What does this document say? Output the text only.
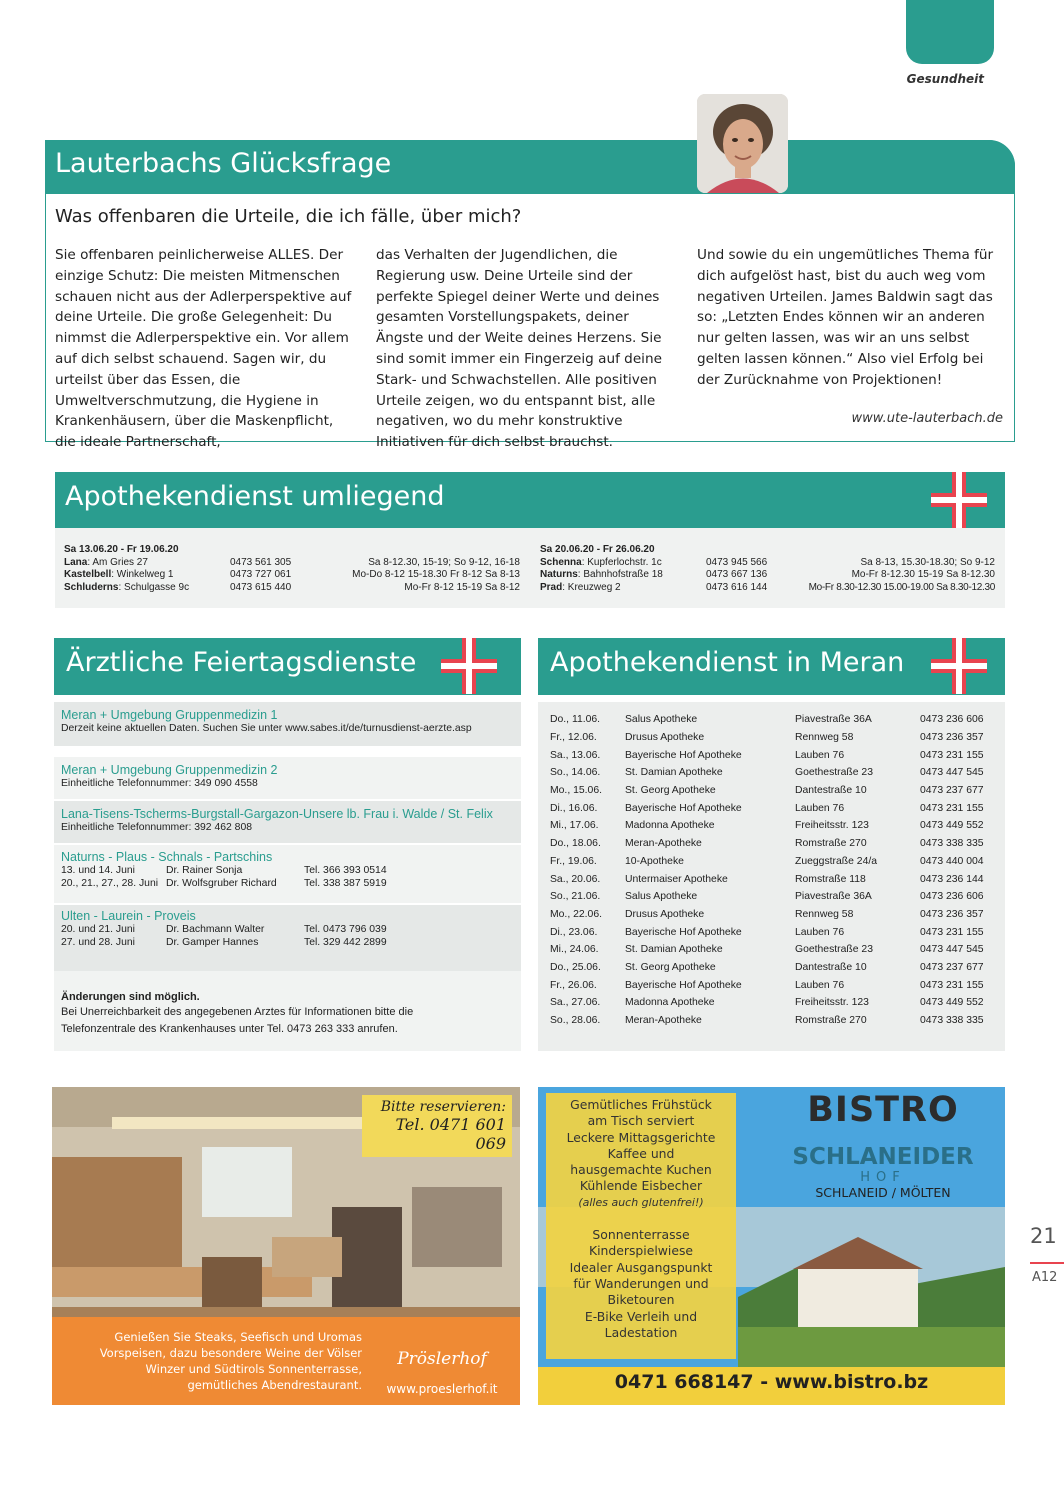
Gesundheit
Lauterbachs Glücksfrage
Was offenbaren die Urteile, die ich fälle, über mich?
Sie offenbaren peinlicherweise ALLES. Der einzige Schutz: Die meisten Mitmenschen schauen nicht aus der Adlerperspektive auf deine Urteile. Die große Gelegenheit: Du nimmst die Adlerperspektive ein. Vor allem auf dich selbst schauend. Sagen wir, du urteilst über das Essen, die Umweltverschmutzung, die Hygiene in Krankenhäusern, über die Maskenpflicht, die ideale Partnerschaft,
das Verhalten der Jugendlichen, die Regierung usw. Deine Urteile sind der perfekte Spiegel deiner Werte und deines gesamten Vorstellungspakets, deiner Ängste und der Weite deines Herzens. Sie sind somit immer ein Fingerzeig auf deine Stark- und Schwachstellen. Alle positiven Urteile zeigen, wo du entspannt bist, alle negativen, wo du mehr konstruktive Initiativen für dich selbst brauchst.
Und sowie du ein ungemütliches Thema für dich aufgelöst hast, bist du auch weg vom negativen Urteilen. James Baldwin sagt das so: „Letzten Endes können wir an anderen nur gelten lassen, was wir an uns selbst gelten lassen können.“ Also viel Erfolg bei der Zurücknahme von Projektionen!
www.ute-lauterbach.de
Apothekendienst umliegend
Sa 13.06.20 - Fr 19.06.20
Lana: Am Gries 27	0473 561 305	Sa 8-12.30, 15-19; So 9-12, 16-18
Kastelbell: Winkelweg 1	0473 727 061	Mo-Do 8-12 15-18.30 Fr 8-12 Sa 8-13
Schluderns: Schulgasse 9c	0473 615 440	Mo-Fr 8-12 15-19 Sa 8-12
Sa 20.06.20 - Fr 26.06.20
Schenna: Kupferlochstr. 1c	0473 945 566	Sa 8-13, 15.30-18.30; So 9-12
Naturns: Bahnhofstraße 18	0473 667 136	Mo-Fr 8-12.30 15-19 Sa 8-12.30
Prad: Kreuzweg 2	0473 616 144	Mo-Fr 8.30-12.30 15.00-19.00 Sa 8.30-12.30
Ärztliche Feiertagsdienste
Meran + Umgebung Gruppenmedizin 1
Derzeit keine aktuellen Daten. Suchen Sie unter www.sabes.it/de/turnusdienst-aerzte.asp
Meran + Umgebung Gruppenmedizin 2
Einheitliche Telefonnummer: 349 090 4558
Lana-Tisens-Tscherms-Burgstall-Gargazon-Unsere lb. Frau i. Walde / St. Felix
Einheitliche Telefonnummer: 392 462 808
Naturns - Plaus - Schnals - Partschins
13. und 14. Juni	Dr. Rainer Sonja	Tel. 366 393 0514
20., 21., 27., 28. Juni	Dr. Wolfsgruber Richard	Tel. 338 387 5919
Ulten - Laurein - Proveis
20. und 21. Juni	Dr. Bachmann Walter	Tel. 0473 796 039
27. und 28. Juni	Dr. Gamper Hannes	Tel. 329 442 2899
Änderungen sind möglich.
Bei Unerreichbarkeit des angegebenen Arztes für Informationen bitte die Telefonzentrale des Krankenhauses unter Tel. 0473 263 333 anrufen.
Apothekendienst in Meran
Do., 11.06.	Salus Apotheke	Piavestraße 36A	0473 236 606
Fr., 12.06.	Drusus Apotheke	Rennweg 58	0473 236 357
Sa., 13.06.	Bayerische Hof Apotheke	Lauben 76	0473 231 155
So., 14.06.	St. Damian Apotheke	Goethestraße 23	0473 447 545
Mo., 15.06.	St. Georg Apotheke	Dantestraße 10	0473 237 677
Di., 16.06.	Bayerische Hof Apotheke	Lauben 76	0473 231 155
Mi., 17.06.	Madonna Apotheke	Freiheitsstr. 123	0473 449 552
Do., 18.06.	Meran-Apotheke	Romstraße 270	0473 338 335
Fr., 19.06.	10-Apotheke	Zueggstraße 24/a	0473 440 004
Sa., 20.06.	Untermaiser Apotheke	Romstraße 118	0473 236 144
So., 21.06.	Salus Apotheke	Piavestraße 36A	0473 236 606
Mo., 22.06.	Drusus Apotheke	Rennweg 58	0473 236 357
Di., 23.06.	Bayerische Hof Apotheke	Lauben 76	0473 231 155
Mi., 24.06.	St. Damian Apotheke	Goethestraße 23	0473 447 545
Do., 25.06.	St. Georg Apotheke	Dantestraße 10	0473 237 677
Fr., 26.06.	Bayerische Hof Apotheke	Lauben 76	0473 231 155
Sa., 27.06.	Madonna Apotheke	Freiheitsstr. 123	0473 449 552
So., 28.06.	Meran-Apotheke	Romstraße 270	0473 338 335
Bitte reservieren:
Tel. 0471 601 069
Genießen Sie Steaks, Seefisch und Uromas Vorspeisen, dazu besondere Weine der Völser Winzer und Südtirols Sonnenterrasse, gemütliches Abendrestaurant.
Pröslerhof
www.proeslerhof.it
Gemütliches Frühstück
am Tisch serviert
Leckere Mittagsgerichte
Kaffee und
hausgemachte Kuchen
Kühlende Eisbecher
(alles auch glutenfrei!)
Sonnenterrasse
Kinderspielwiese
Idealer Ausgangspunkt
für Wanderungen und
Biketouren
E-Bike Verleih und
Ladestation
BISTRO
SCHLANEIDER
HOF
SCHLANEID / MÖLTEN
0471 668147 - www.bistro.bz
21
A12
